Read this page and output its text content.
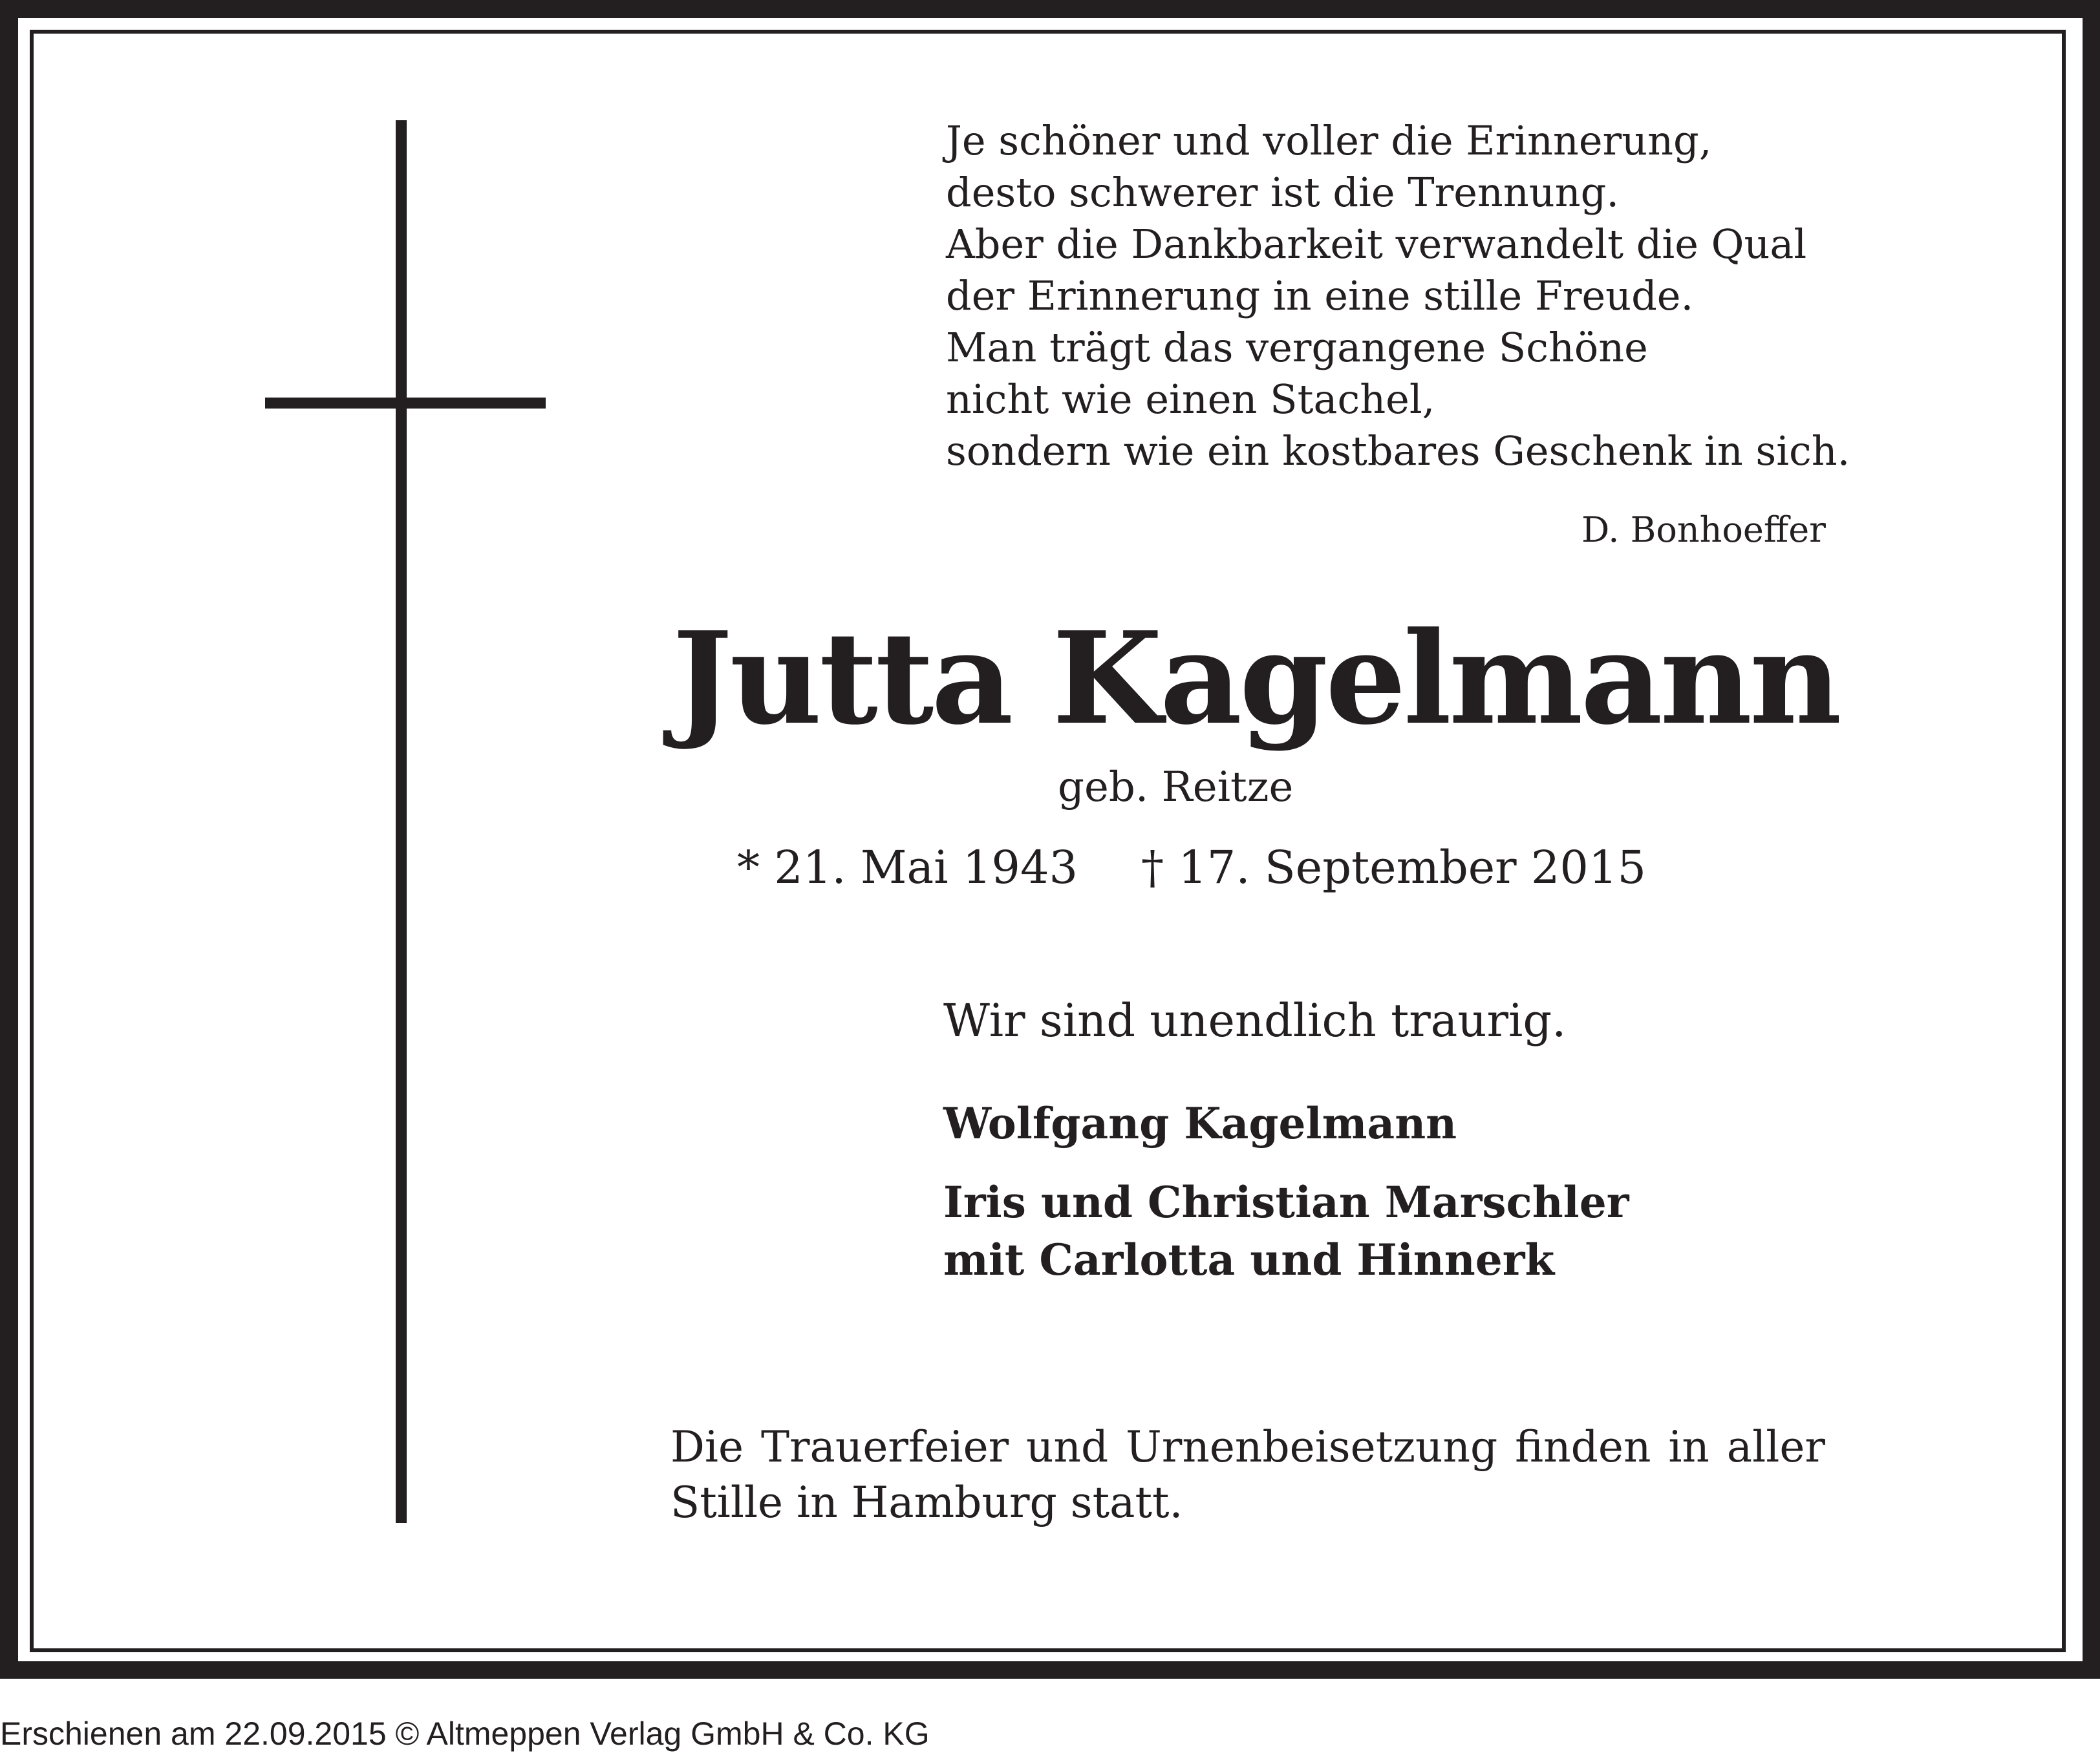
Je schöner und voller die Erinnerung,
desto schwerer ist die Trennung.
Aber die Dankbarkeit verwandelt die Qual
der Erinnerung in eine stille Freude.
Man trägt das vergangene Schöne
nicht wie einen Stachel,
sondern wie ein kostbares Geschenk in sich.
D. Bonhoeffer
Jutta Kagelmann
geb. Reitze
* 21. Mai 1943 † 17. September 2015
Wir sind unendlich traurig.
Wolfgang Kagelmann
Iris und Christian Marschler
mit Carlotta und Hinnerk
Die Trauerfeier und Urnenbeisetzung finden in aller
Stille in Hamburg statt.
Erschienen am 22.09.2015 © Altmeppen Verlag GmbH & Co. KG
